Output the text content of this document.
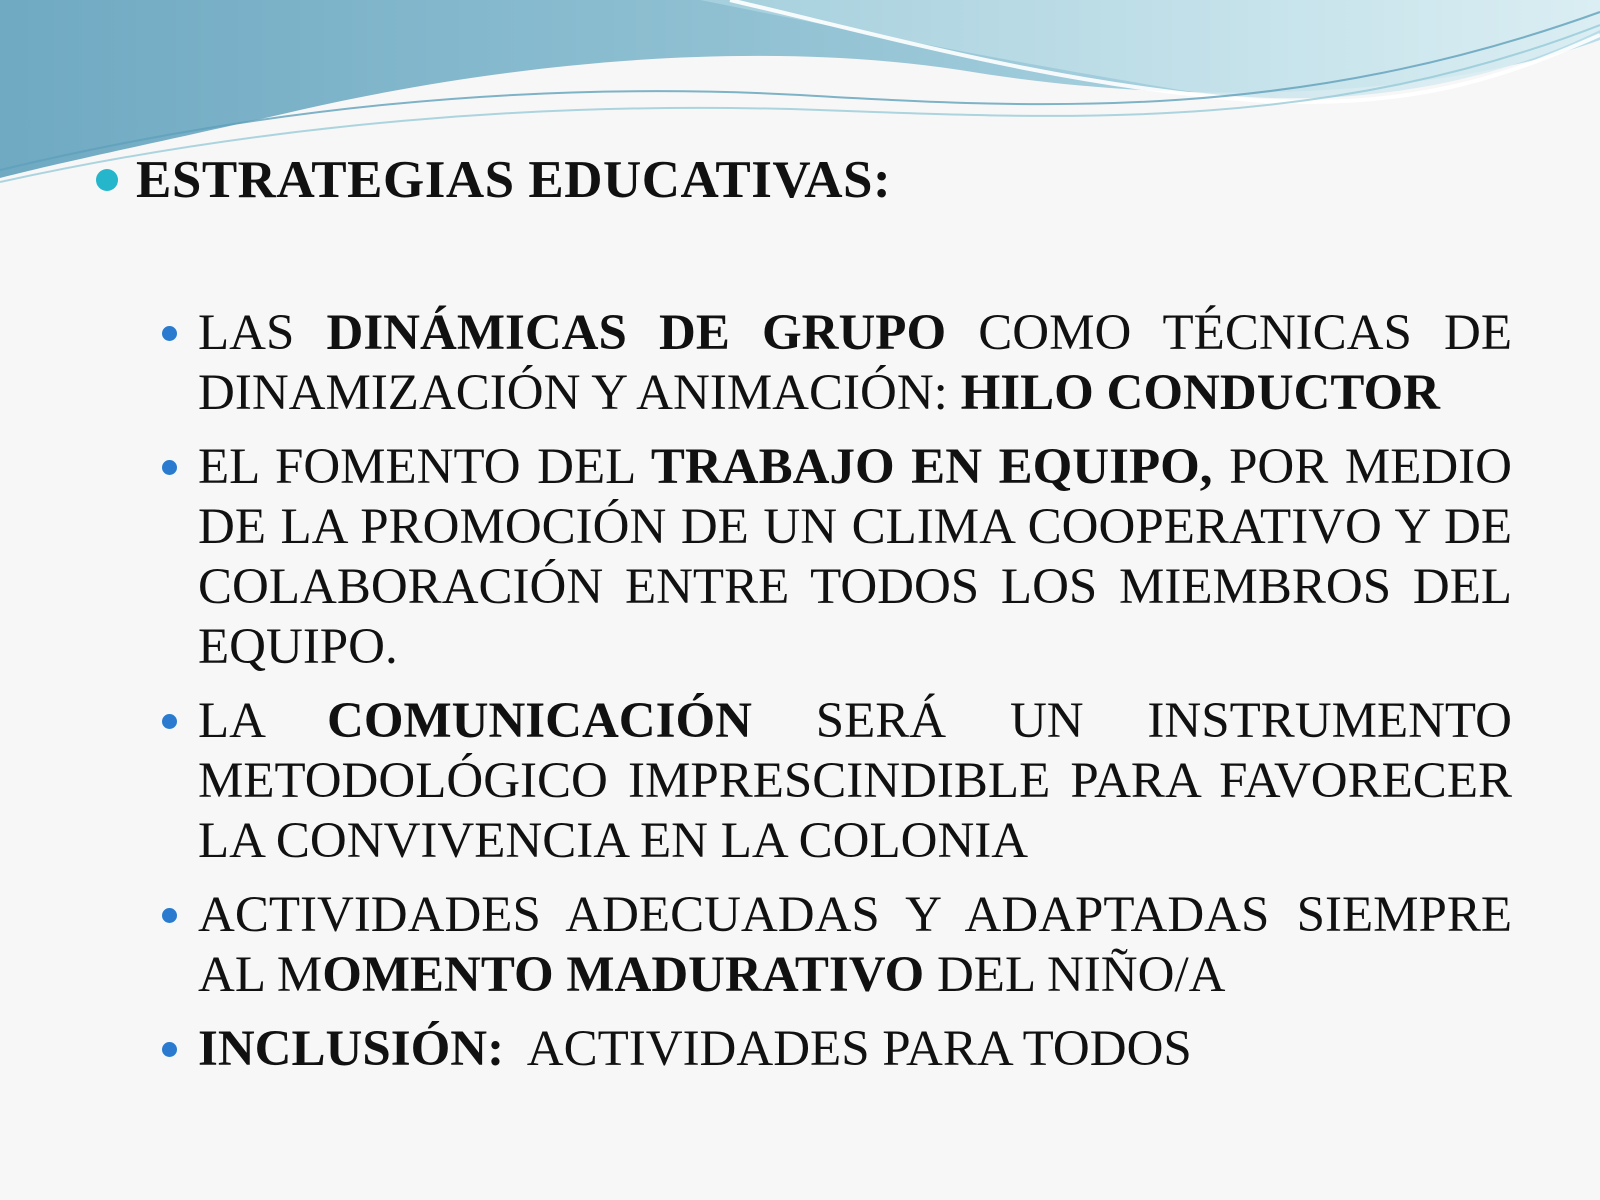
ESTRATEGIAS EDUCATIVAS:
LAS DINÁMICAS DE GRUPO COMO TÉCNICAS DE DINAMIZACIÓN Y ANIMACIÓN: HILO CONDUCTOR
EL FOMENTO DEL TRABAJO EN EQUIPO, POR MEDIO DE LA PROMOCIÓN DE UN CLIMA COOPERATIVO Y DE COLABORACIÓN ENTRE TODOS LOS MIEMBROS DEL EQUIPO.
LA COMUNICACIÓN SERÁ UN INSTRUMENTO METODOLÓGICO IMPRESCINDIBLE PARA FAVORECER LA CONVIVENCIA EN LA COLONIA
ACTIVIDADES ADECUADAS Y ADAPTADAS SIEMPRE AL MOMENTO MADURATIVO DEL NIÑO/A
INCLUSIÓN:  ACTIVIDADES PARA TODOS
